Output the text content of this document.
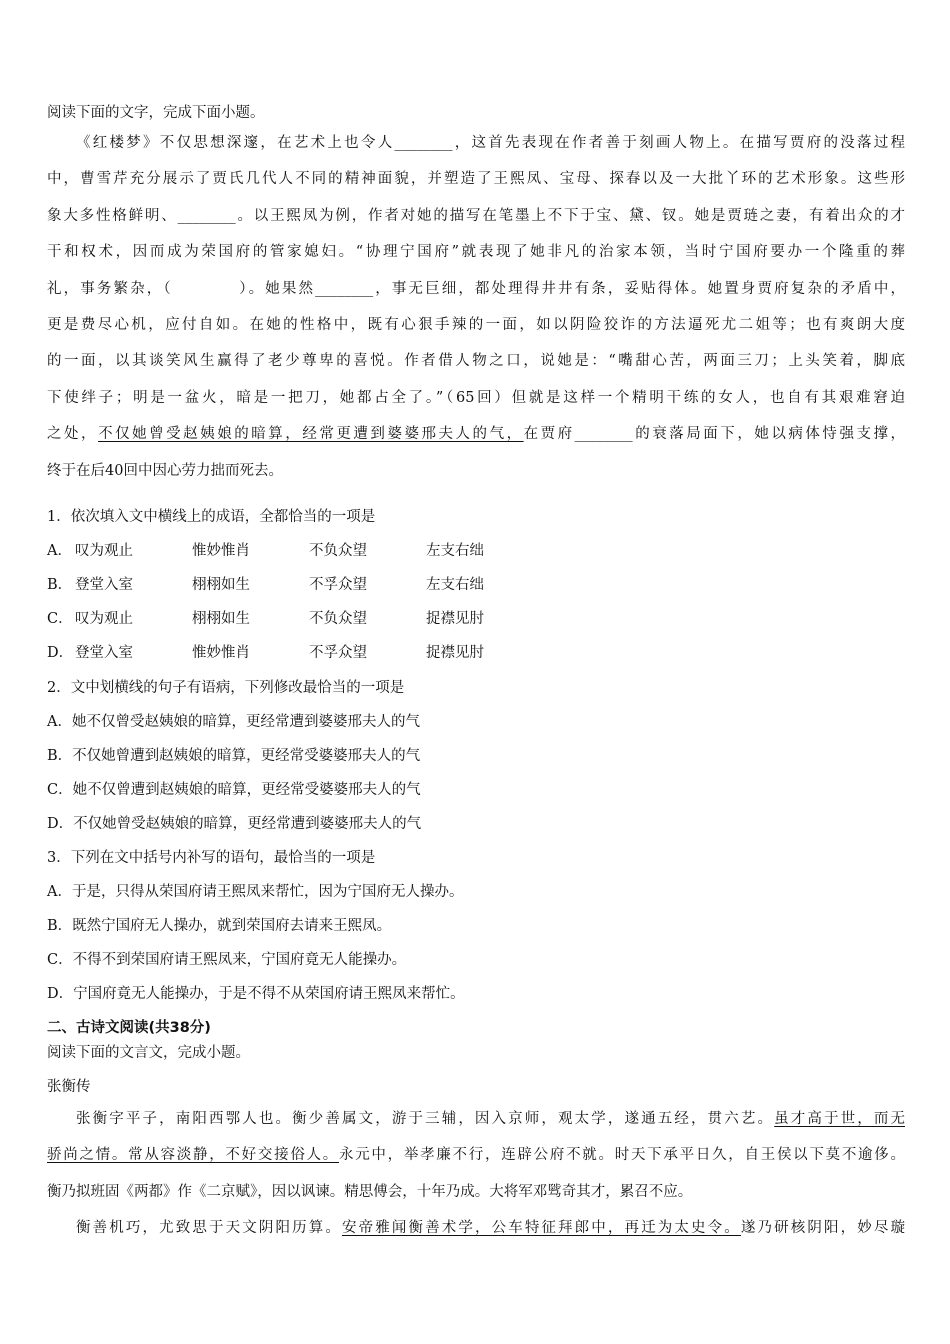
阅读下面的文字，完成下面小题。
《红楼梦》不仅思想深邃，在艺术上也令人________，这首先表现在作者善于刻画人物上。在描写贾府的没落过程
中，曹雪芹充分展示了贾氏几代人不同的精神面貌，并塑造了王熙凤、宝母、探春以及一大批丫环的艺术形象。这些形
象大多性格鲜明、________。以王熙凤为例，作者对她的描写在笔墨上不下于宝、黛、钗。她是贾琏之妻，有着出众的才
干和权术，因而成为荣国府的管家媳妇。“协理宁国府”就表现了她非凡的治家本领，当时宁国府要办一个隆重的葬
礼，事务繁杂，（　　　　）。她果然________，事无巨细，都处理得井井有条，妥贴得体。她置身贾府复杂的矛盾中，
更是费尽心机，应付自如。在她的性格中，既有心狠手辣的一面，如以阴险狡诈的方法逼死尤二姐等；也有爽朗大度
的一面，以其谈笑风生赢得了老少尊卑的喜悦。作者借人物之口，说她是：“嘴甜心苦，两面三刀；上头笑着，脚底
下使绊子；明是一盆火，暗是一把刀，她都占全了。”（65回）但就是这样一个精明干练的女人，也自有其艰难窘迫
之处，不仅她曾受赵姨娘的暗算，经常更遭到婆婆邢夫人的气，在贾府________的衰落局面下，她以病体恃强支撑，
终于在后40回中因心劳力拙而死去。
1．依次填入文中横线上的成语，全都恰当的一项是
A． 叹为观止	惟妙惟肖	不负众望	左支右绌
B． 登堂入室	栩栩如生	不孚众望	左支右绌
C． 叹为观止	栩栩如生	不负众望	捉襟见肘
D． 登堂入室	惟妙惟肖	不孚众望	捉襟见肘
2．文中划横线的句子有语病，下列修改最恰当的一项是
A．她不仅曾受赵姨娘的暗算，更经常遭到婆婆邢夫人的气
B．不仅她曾遭到赵姨娘的暗算，更经常受婆婆邢夫人的气
C．她不仅曾遭到赵姨娘的暗算，更经常受婆婆邢夫人的气
D．不仅她曾受赵姨娘的暗算，更经常遭到婆婆邢夫人的气
3．下列在文中括号内补写的语句，最恰当的一项是
A．于是，只得从荣国府请王熙凤来帮忙，因为宁国府无人操办。
B．既然宁国府无人操办，就到荣国府去请来王熙凤。
C．不得不到荣国府请王熙凤来，宁国府竟无人能操办。
D．宁国府竟无人能操办，于是不得不从荣国府请王熙凤来帮忙。
二、古诗文阅读(共38分)
阅读下面的文言文，完成小题。
张衡传
张衡字平子，南阳西鄂人也。衡少善属文，游于三辅，因入京师，观太学，遂通五经，贯六艺。虽才高于世，而无
骄尚之情。常从容淡静，不好交接俗人。永元中，举孝廉不行，连辟公府不就。时天下承平日久，自王侯以下莫不逾侈。
衡乃拟班固《两都》作《二京赋》，因以讽谏。精思傅会，十年乃成。大将军邓骘奇其才，累召不应。
衡善机巧，尤致思于天文阴阳历算。安帝雅闻衡善术学，公车特征拜郎中，再迁为太史令。遂乃研核阴阳，妙尽璇
